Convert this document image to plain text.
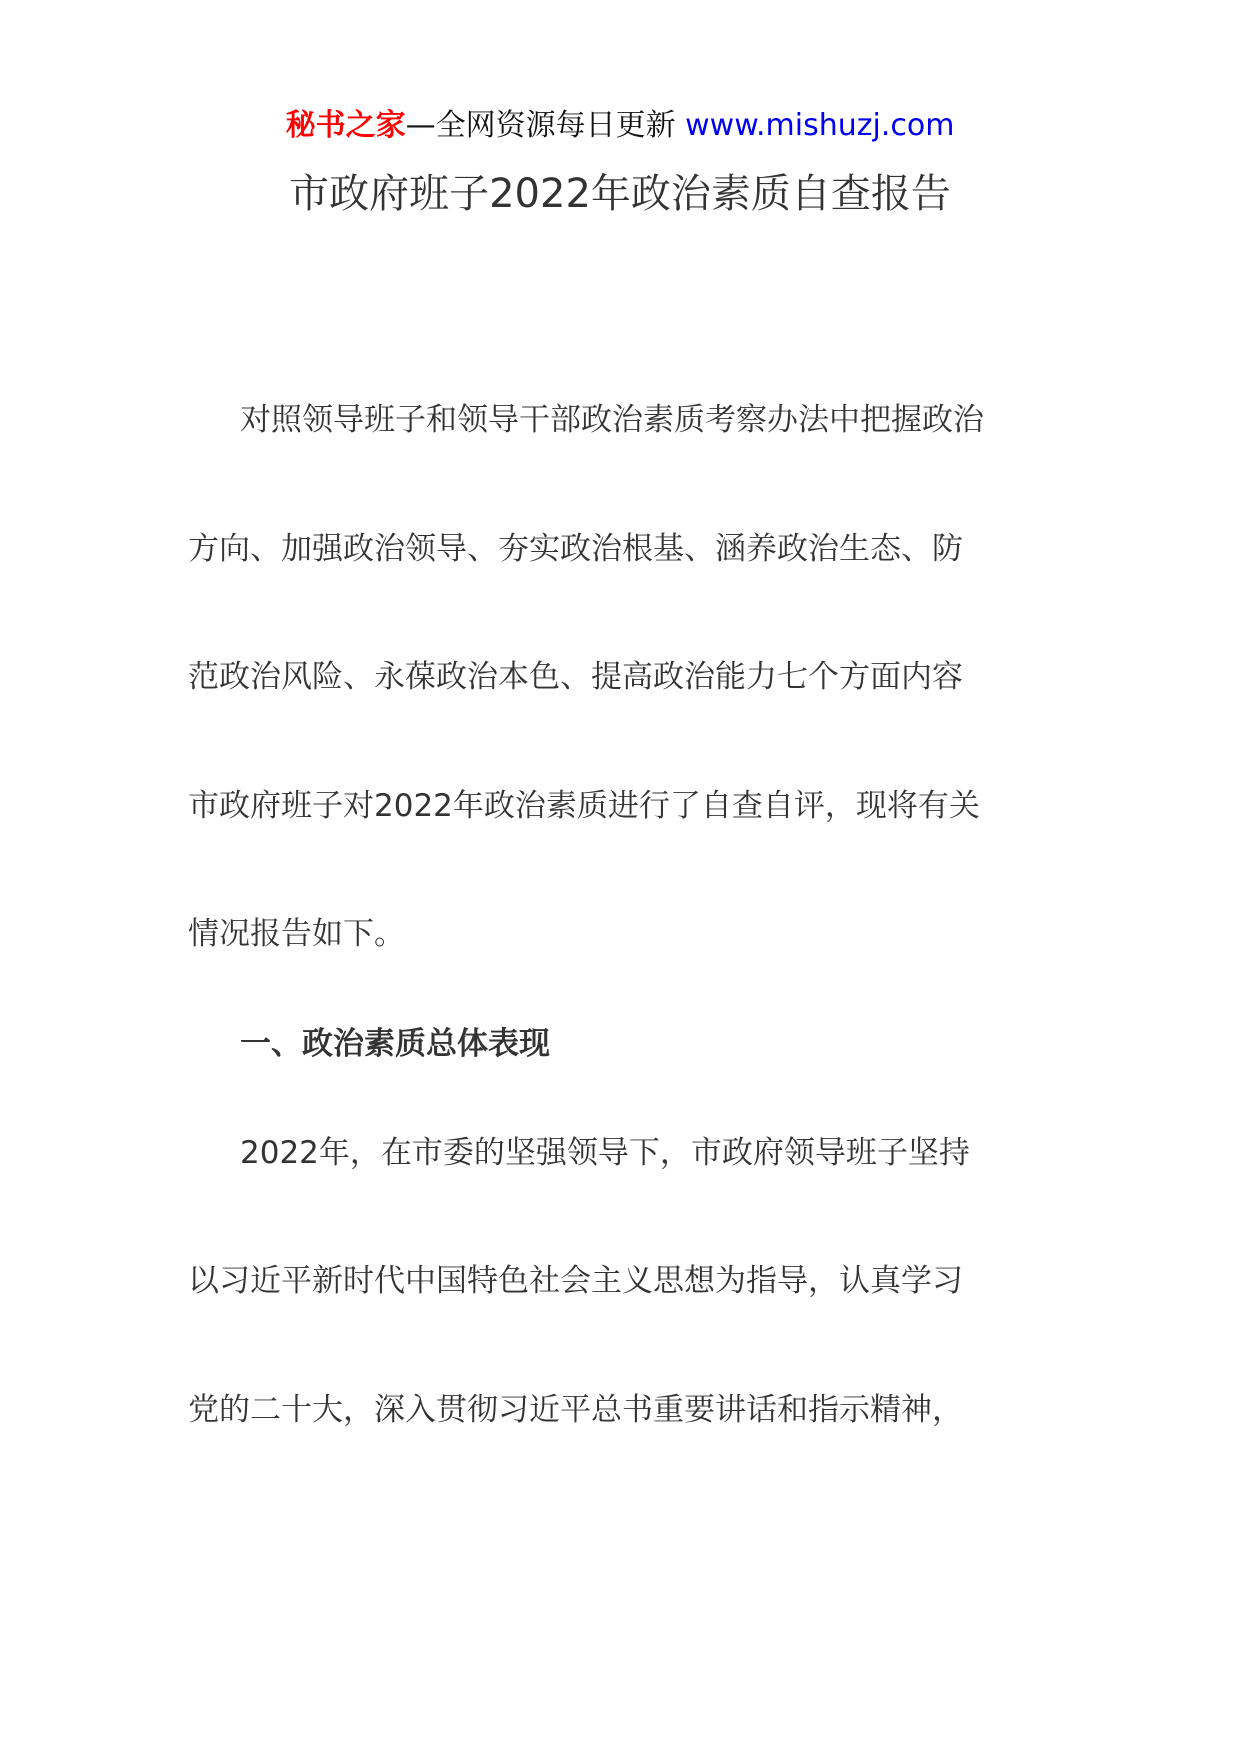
秘书之家—全网资源每日更新 www.mishuzj.com
市政府班子2022年政治素质自查报告
对照领导班子和领导干部政治素质考察办法中把握政治
方向、加强政治领导、夯实政治根基、涵养政治生态、防
范政治风险、永葆政治本色、提高政治能力七个方面内容
市政府班子对2022年政治素质进行了自查自评，现将有关
情况报告如下。
一、政治素质总体表现
2022年，在市委的坚强领导下，市政府领导班子坚持
以习近平新时代中国特色社会主义思想为指导，认真学习
党的二十大，深入贯彻习近平总书重要讲话和指示精神，
